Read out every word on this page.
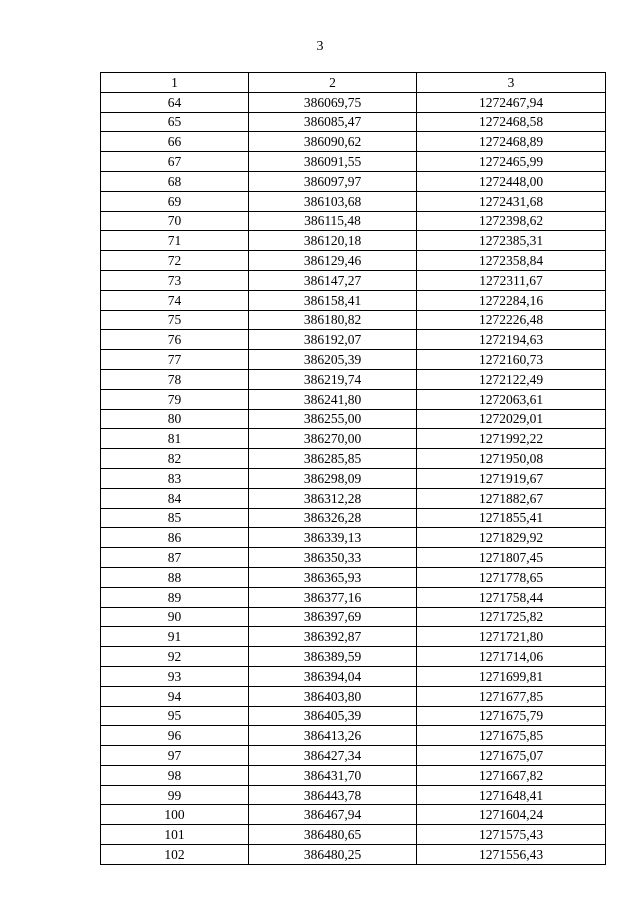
3
1	2	3
64	386069,75	1272467,94
65	386085,47	1272468,58
66	386090,62	1272468,89
67	386091,55	1272465,99
68	386097,97	1272448,00
69	386103,68	1272431,68
70	386115,48	1272398,62
71	386120,18	1272385,31
72	386129,46	1272358,84
73	386147,27	1272311,67
74	386158,41	1272284,16
75	386180,82	1272226,48
76	386192,07	1272194,63
77	386205,39	1272160,73
78	386219,74	1272122,49
79	386241,80	1272063,61
80	386255,00	1272029,01
81	386270,00	1271992,22
82	386285,85	1271950,08
83	386298,09	1271919,67
84	386312,28	1271882,67
85	386326,28	1271855,41
86	386339,13	1271829,92
87	386350,33	1271807,45
88	386365,93	1271778,65
89	386377,16	1271758,44
90	386397,69	1271725,82
91	386392,87	1271721,80
92	386389,59	1271714,06
93	386394,04	1271699,81
94	386403,80	1271677,85
95	386405,39	1271675,79
96	386413,26	1271675,85
97	386427,34	1271675,07
98	386431,70	1271667,82
99	386443,78	1271648,41
100	386467,94	1271604,24
101	386480,65	1271575,43
102	386480,25	1271556,43
